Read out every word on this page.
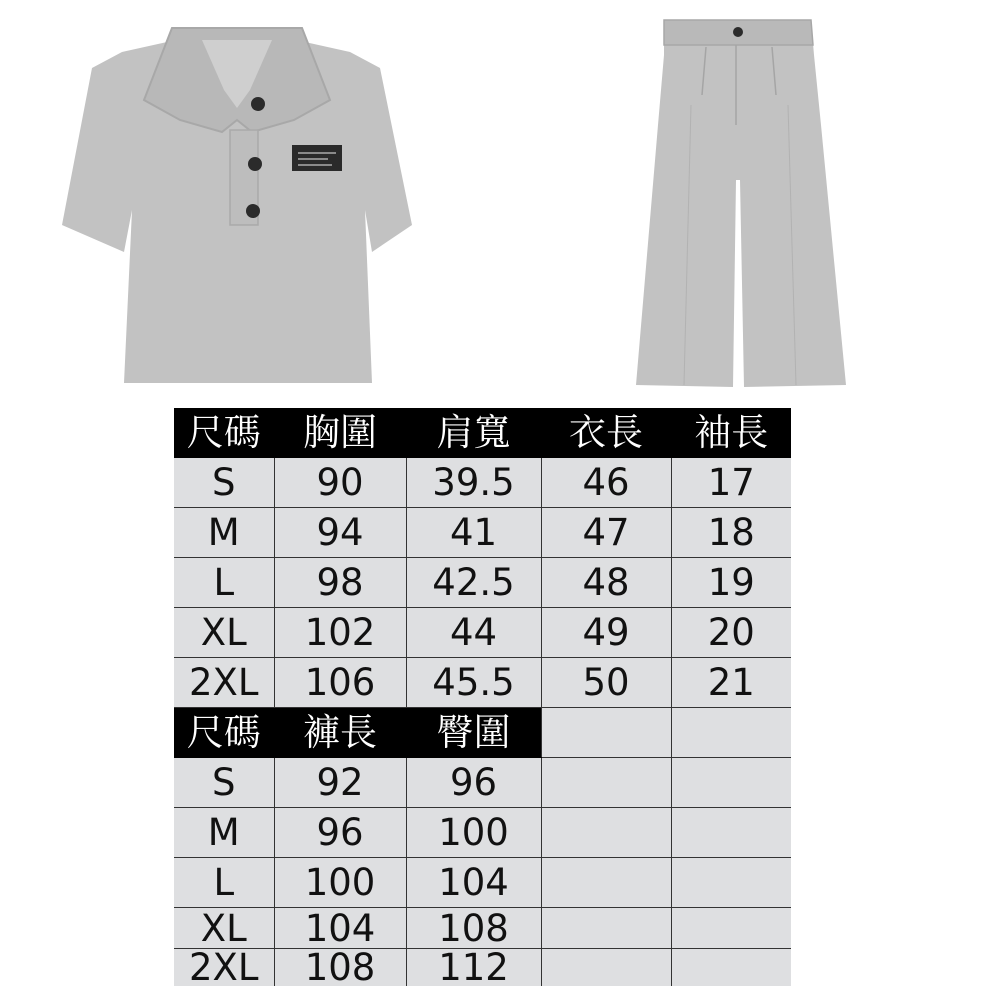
尺碼	胸圍	肩寬	衣長	袖長
S	90	39.5	46	17
M	94	41	47	18
L	98	42.5	48	19
XL	102	44	49	20
2XL	106	45.5	50	21
尺碼	褲長	臀圍		
S	92	96		
M	96	100		
L	100	104		
XL	104	108		
2XL	108	112		
